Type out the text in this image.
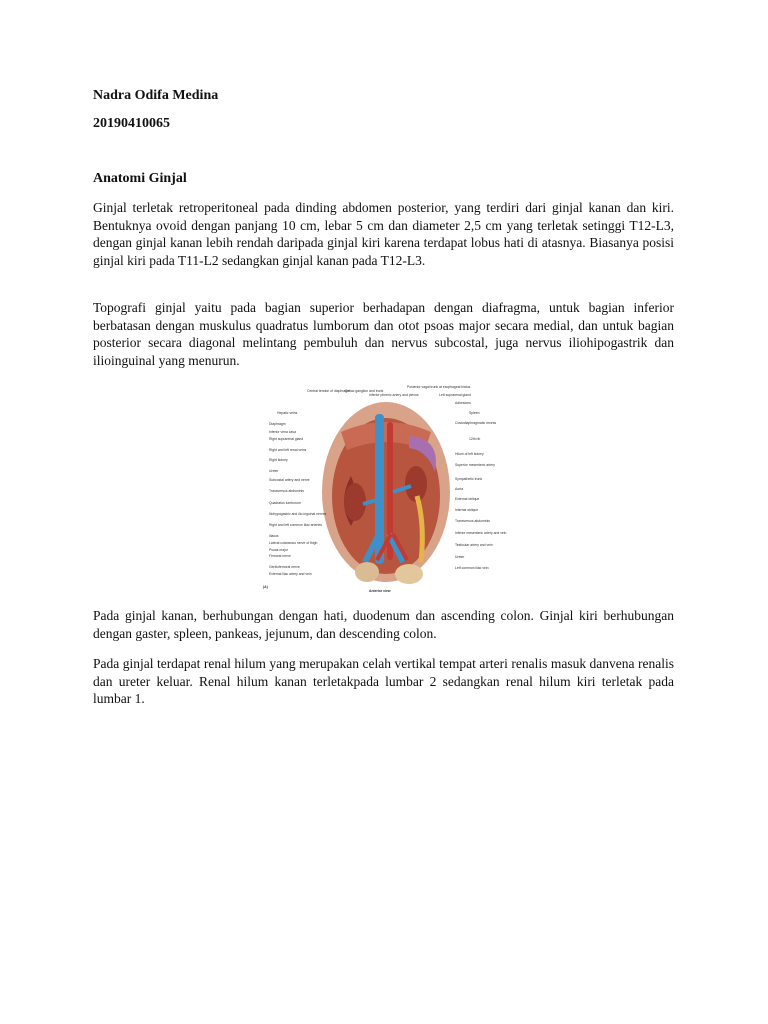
Nadra Odifa Medina

20190410065

Anatomi Ginjal

Ginjal terletak retroperitoneal pada dinding abdomen posterior, yang terdiri dari ginjal kanan dan kiri. Bentuknya ovoid dengan panjang 10 cm, lebar 5 cm dan diameter 2,5 cm yang terletak setinggi T12-L3, dengan ginjal kanan lebih rendah daripada ginjal kiri karena terdapat lobus hati di atasnya. Biasanya posisi ginjal kiri pada T11-L2 sedangkan ginjal kanan pada T12-L3.

Topografi ginjal yaitu pada bagian superior berhadapan dengan diafragma, untuk bagian inferior berbatasan dengan muskulus quadratus lumborum dan otot psoas major secara medial, dan untuk bagian posterior secara diagonal melintang pembuluh dan nervus subcostal, juga nervus iliohipogastrik dan ilioinguinal yang menurun.

Hepatic veins
Diaphragm
Inferior vena cava
Right suprarenal gland
Right and left renal veins
Right kidney
Ureter
Subcostal artery and nerve
Transversus abdominis
Quadratus lumborum
Iliohypogastric and ilio-inguinal nerves
Right and left common iliac arteries
Iliacus
Lateral cutaneous nerve of thigh
Psoas major
Femoral nerve
Genitofemoral nerve
External iliac artery and vein
Central tendon of diaphragm
Celiac ganglion and trunk
Inferior phrenic artery and plexus
Posterior vagal trunk at esophageal hiatus
Left suprarenal gland
Adhesions
Spleen
Costodiaphragmatic recess
12th rib
Hilum of left kidney
Superior mesenteric artery
Sympathetic trunk
Aorta
External oblique
Internal oblique
Transversus abdominis
Inferior mesenteric artery and vein
Testicular artery and vein
Ureter
Left common iliac vein
(A)
Anterior view

Pada ginjal kanan, berhubungan dengan hati, duodenum dan ascending colon. Ginjal kiri berhubungan dengan gaster, spleen, pankeas, jejunum, dan descending colon.

Pada ginjal terdapat renal hilum yang merupakan celah vertikal tempat arteri renalis masuk danvena renalis dan ureter keluar. Renal hilum kanan terletakpada lumbar 2 sedangkan renal hilum kiri terletak pada lumbar 1.
